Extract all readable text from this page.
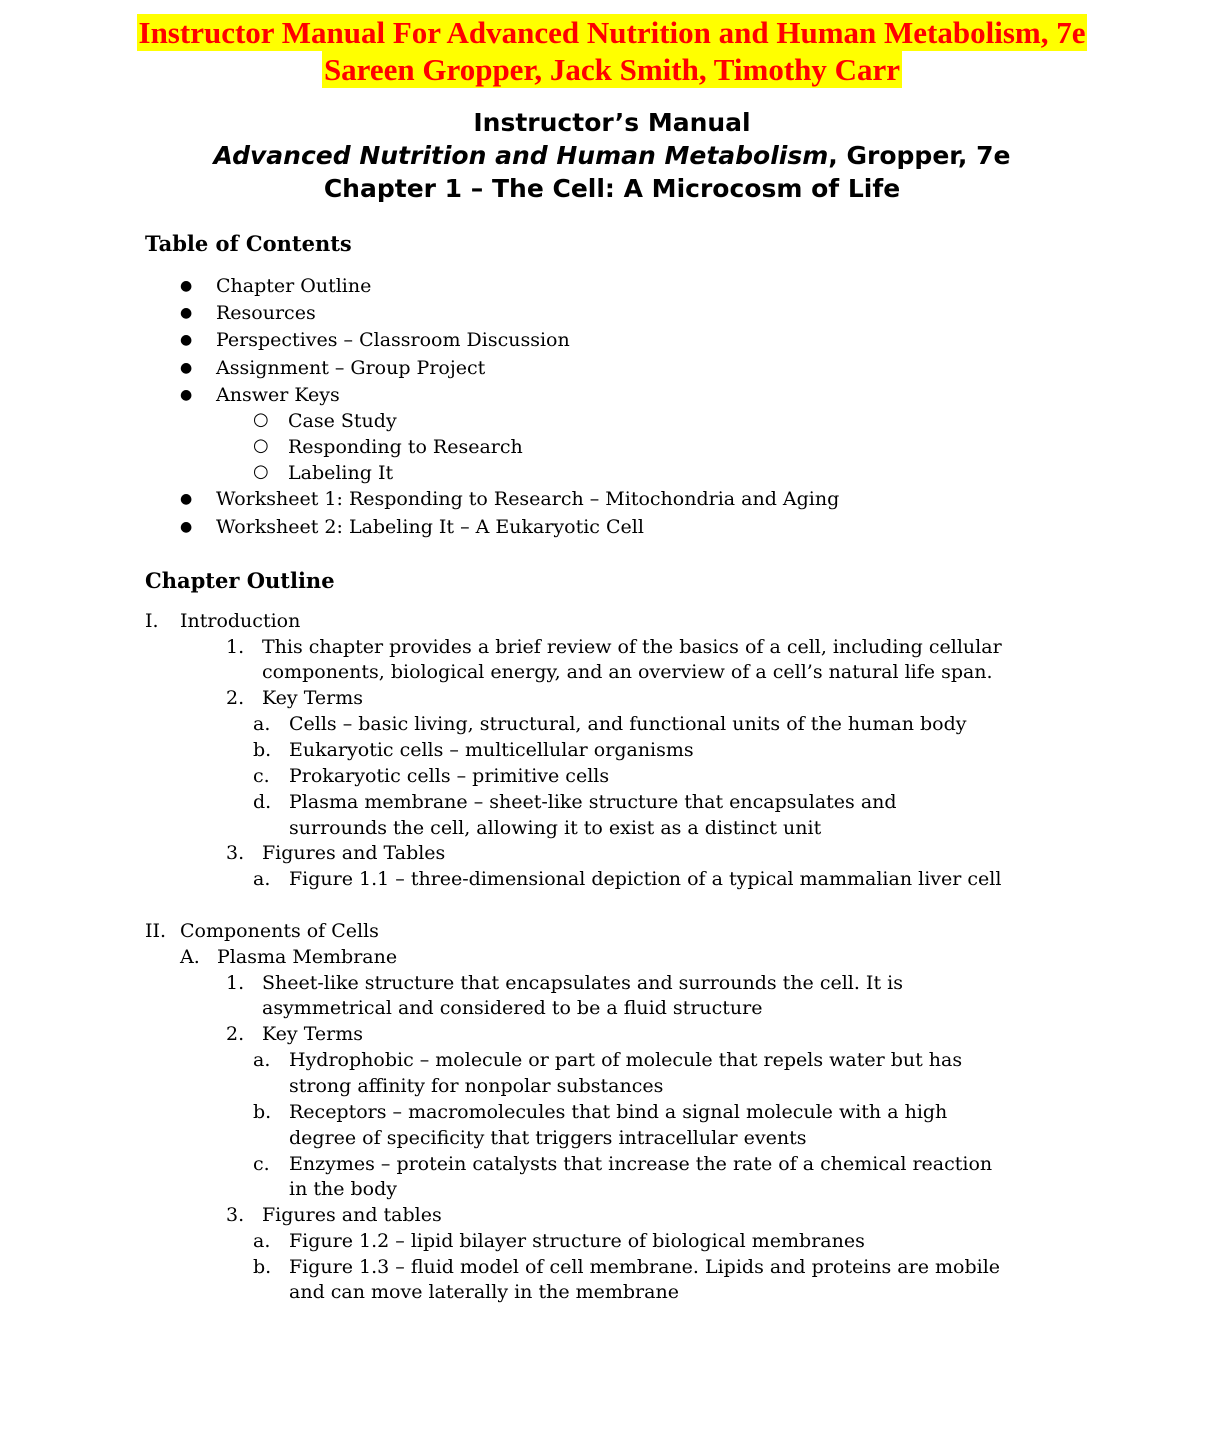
Instructor Manual For Advanced Nutrition and Human Metabolism, 7e
Sareen Gropper, Jack Smith, Timothy Carr
Instructor’s Manual
Advanced Nutrition and Human Metabolism, Gropper, 7e
Chapter 1 – The Cell: A Microcosm of Life
Table of Contents
● Chapter Outline
● Resources
● Perspectives – Classroom Discussion
● Assignment – Group Project
● Answer Keys
○ Case Study
○ Responding to Research
○ Labeling It
● Worksheet 1: Responding to Research – Mitochondria and Aging
● Worksheet 2: Labeling It – A Eukaryotic Cell
Chapter Outline
I. Introduction
1. This chapter provides a brief review of the basics of a cell, including cellular
components, biological energy, and an overview of a cell’s natural life span.
2. Key Terms
a. Cells – basic living, structural, and functional units of the human body
b. Eukaryotic cells – multicellular organisms
c. Prokaryotic cells – primitive cells
d. Plasma membrane – sheet-like structure that encapsulates and
surrounds the cell, allowing it to exist as a distinct unit
3. Figures and Tables
a. Figure 1.1 – three-dimensional depiction of a typical mammalian liver cell
II. Components of Cells
A. Plasma Membrane
1. Sheet-like structure that encapsulates and surrounds the cell. It is
asymmetrical and considered to be a fluid structure
2. Key Terms
a. Hydrophobic – molecule or part of molecule that repels water but has
strong affinity for nonpolar substances
b. Receptors – macromolecules that bind a signal molecule with a high
degree of specificity that triggers intracellular events
c. Enzymes – protein catalysts that increase the rate of a chemical reaction
in the body
3. Figures and tables
a. Figure 1.2 – lipid bilayer structure of biological membranes
b. Figure 1.3 – fluid model of cell membrane. Lipids and proteins are mobile
and can move laterally in the membrane
